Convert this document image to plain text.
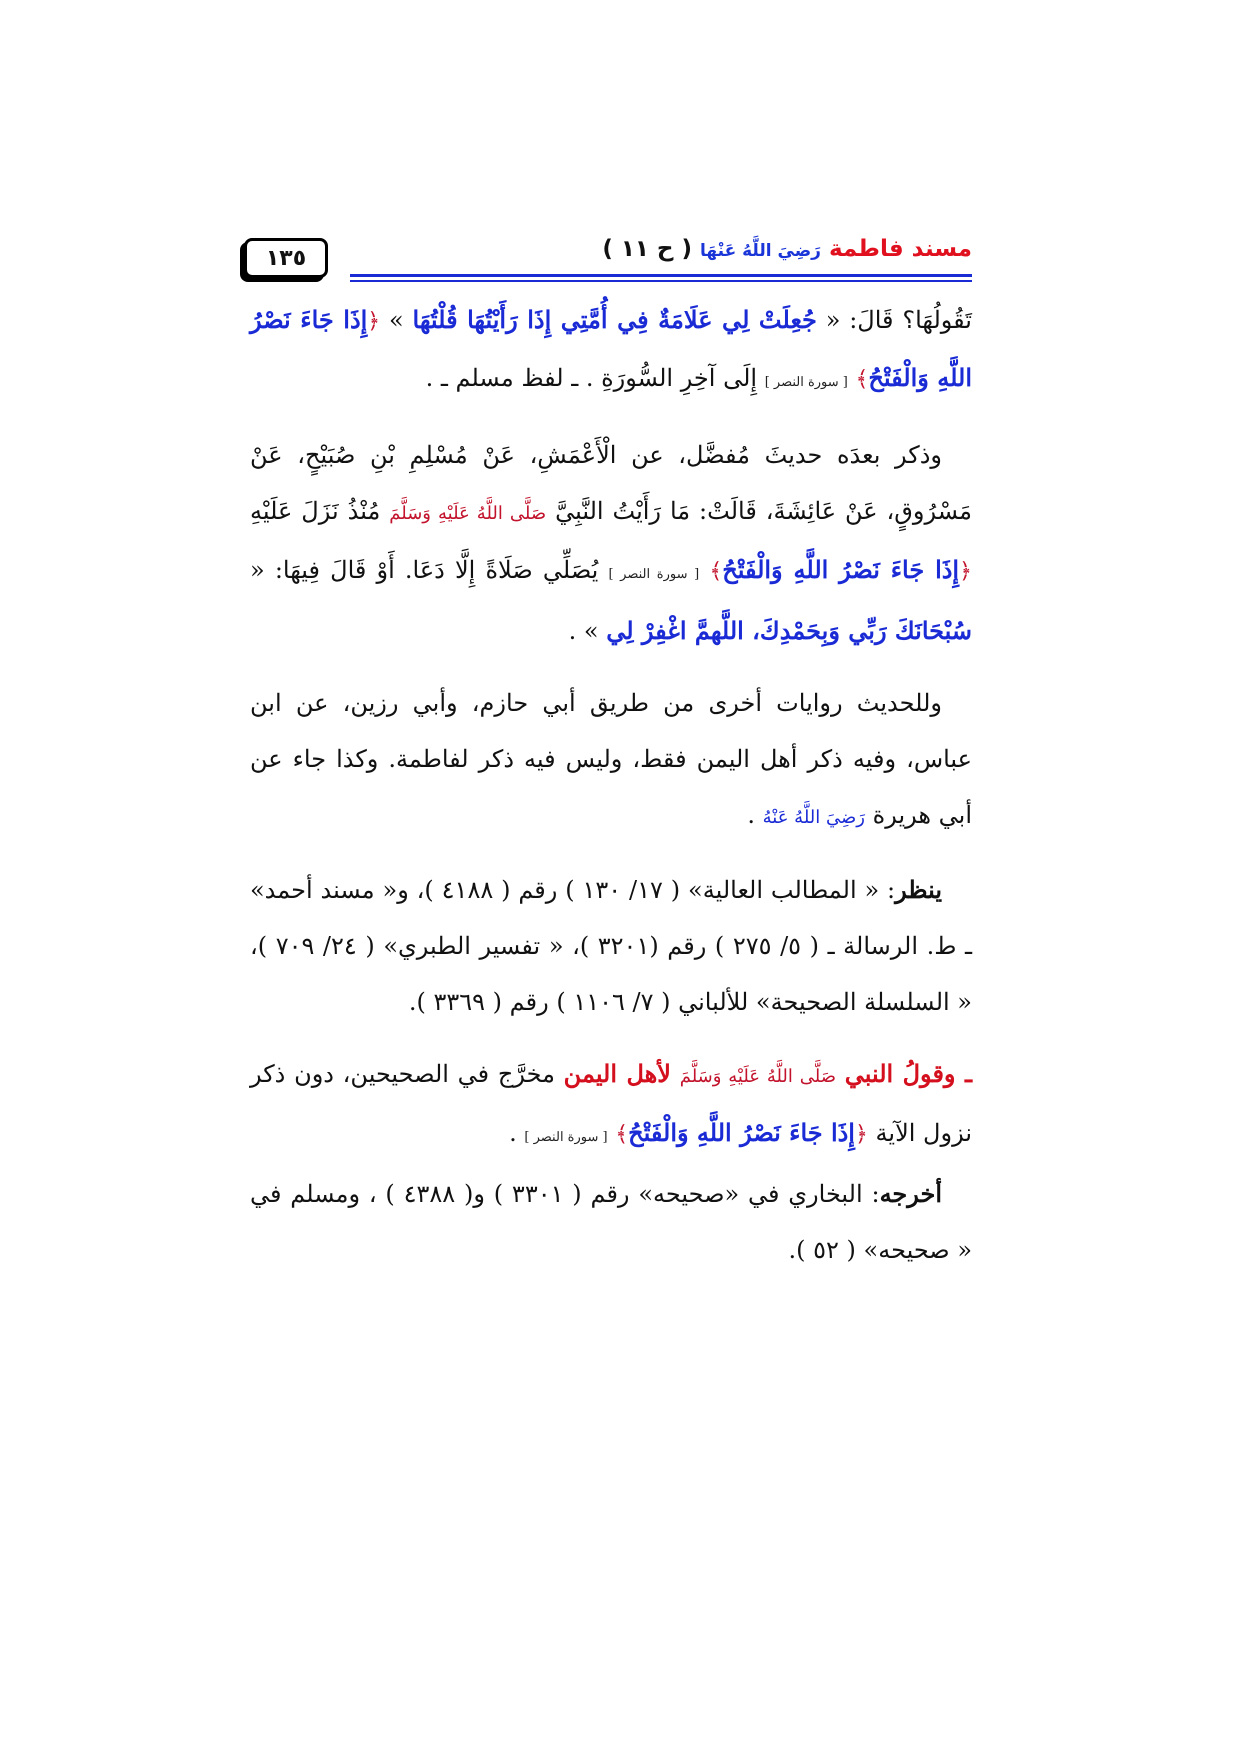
١٣٥	مسند فاطمة رَضِيَ اللَّهُ عَنْهَا ( ح ١١ )

تَقُولُهَا؟ قَالَ: « جُعِلَتْ لِي عَلَامَةٌ فِي أُمَّتِي إِذَا رَأَيْتُهَا قُلْتُهَا » ﴿إِذَا جَاءَ نَصْرُ اللَّهِ وَالْفَتْحُ﴾ [ سورة النصر ] إِلَى آخِرِ السُّورَةِ . ـ لفظ مسلم ـ .

وذكر بعدَه حديثَ مُفضَّل، عن الْأَعْمَشِ، عَنْ مُسْلِمِ بْنِ صُبَيْحٍ، عَنْ مَسْرُوقٍ، عَنْ عَائِشَةَ، قَالَتْ: مَا رَأَيْتُ النَّبِيَّ صَلَّى اللَّهُ عَلَيْهِ وَسَلَّمَ مُنْذُ نَزَلَ عَلَيْهِ ﴿إِذَا جَاءَ نَصْرُ اللَّهِ وَالْفَتْحُ﴾ [ سورة النصر ] يُصَلِّي صَلَاةً إِلَّا دَعَا. أَوْ قَالَ فِيهَا: « سُبْحَانَكَ رَبِّي وَبِحَمْدِكَ، اللَّهمَّ اغْفِرْ لِي » .

وللحديث روايات أخرى من طريق أبي حازم، وأبي رزين، عن ابن عباس، وفيه ذكر أهل اليمن فقط، وليس فيه ذكر لفاطمة. وكذا جاء عن أبي هريرة رَضِيَ اللَّهُ عَنْهُ .

ينظر: « المطالب العالية» ( ١٧/ ١٣٠ ) رقم ( ٤١٨٨ )، و« مسند أحمد» ـ ط. الرسالة ـ ( ٥/ ٢٧٥ ) رقم (٣٢٠١ )، « تفسير الطبري» ( ٢٤/ ٧٠٩ )، « السلسلة الصحيحة» للألباني ( ٧/ ١١٠٦ ) رقم ( ٣٣٦٩ ).

ـ وقولُ النبي صَلَّى اللَّهُ عَلَيْهِ وَسَلَّمَ لأهل اليمن مخرَّج في الصحيحين، دون ذكر نزول الآية ﴿إِذَا جَاءَ نَصْرُ اللَّهِ وَالْفَتْحُ﴾ [ سورة النصر ] .

أخرجه: البخاري في «صحيحه» رقم ( ٣٣٠١ ) و( ٤٣٨٨ ) ، ومسلم في « صحيحه» ( ٥٢ ).
